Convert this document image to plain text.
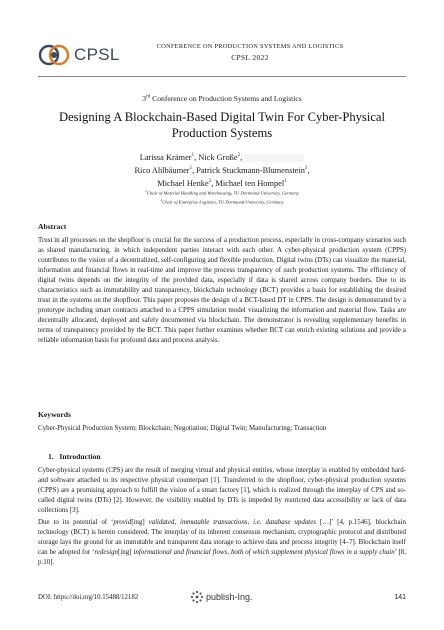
CPSL	CONFERENCE ON PRODUCTION SYSTEMS AND LOGISTICS
CPSL 2022
3rd Conference on Production Systems and Logistics
Designing A Blockchain-Based Digital Twin For Cyber-Physical Production Systems
Larissa Krämer$^1$, Nick Große$^2$,
Rico Ahlbäumer$^1$, Patrick Stuckmann-Blumenstein$^2$,
Michael Henke$^2$, Michael ten Hompel$^1$
$^1$Chair of Material Handling and Warehousing, TU Dortmund University, Germany
$^2$Chair of Enterprise Logistics, TU Dortmund University, Germany
Abstract
Trust in all processes on the shopfloor is crucial for the success of a production process, especially in cross-company scenarios such as shared manufacturing, in which independent parties interact with each other. A cyber-physical production system (CPPS) contributes to the vision of a decentralized, self-configuring and flexible production. Digital twins (DTs) can visualize the material, information and financial flows in real-time and improve the process transparency of such production systems. The efficiency of digital twins depends on the integrity of the provided data, especially if data is shared across company borders. Due to its characteristics such as immutability and transparency, blockchain technology (BCT) provides a basis for establishing the desired trust in the systems on the shopfloor. This paper proposes the design of a BCT-based DT in CPPS. The design is demonstrated by a prototype including smart contracts attached to a CPPS simulation model visualizing the information and material flow. Tasks are decentrally allocated, deployed and safely documented via blockchain. The demonstrator is revealing supplementary benefits in terms of transparency provided by the BCT. This paper further examines whether BCT can enrich existing solutions and provide a reliable information basis for profound data and process analysis.
Keywords
Cyber-Physical Production System; Blockchain; Negotiation; Digital Twin; Manufacturing; Transaction
1.   Introduction
Cyber-physical systems (CPS) are the result of merging virtual and physical entities, whose interplay is enabled by embedded hard- and software attached to its respective physical counterpart [1]. Transferred to the shopfloor, cyber-physical production systems (CPPS) are a promising approach to fulfill the vision of a smart factory [1], which is realized through the interplay of CPS and so-called digital twins (DTs) [2]. However, the visibility enabled by DTs is impeded by restricted data accessibility or lack of data collections [3].
Due to its potential of ‘provid[ing] validated, immutable transactions, i.e. database updates […]’ [4, p.1546], blockchain technology (BCT) is herein considered. The interplay of its inherent consensus mechanism, cryptographic protocol and distributed storage lays the ground for an immutable and transparent data storage to achieve data and process integrity [4–7]. Blockchain itself can be adopted for ‘redesign[ing] informational and financial flows, both of which supplement physical flows in a supply chain’ [8, p.10].
DOI: https://doi.org/10.15488/12182	publish-Ing.	141
